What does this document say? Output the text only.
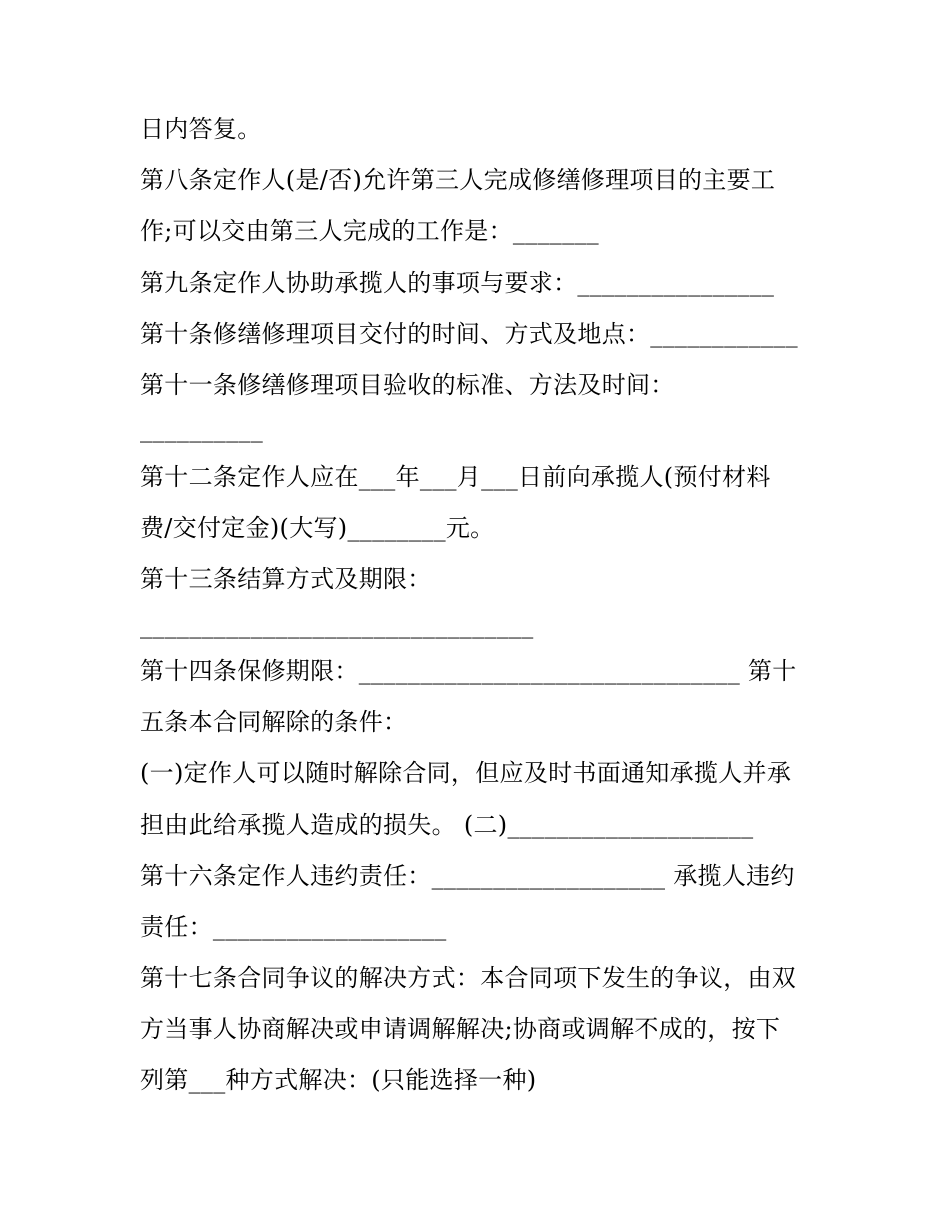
日内答复。
第八条定作人(是/否)允许第三人完成修缮修理项目的主要工
作;可以交由第三人完成的工作是：_______
第九条定作人协助承揽人的事项与要求：________________
第十条修缮修理项目交付的时间、方式及地点：____________
第十一条修缮修理项目验收的标准、方法及时间：
__________
第十二条定作人应在___年___月___日前向承揽人(预付材料
费/交付定金)(大写)________元。
第十三条结算方式及期限：
________________________________
第十四条保修期限：_______________________________ 第十
五条本合同解除的条件：
(一)定作人可以随时解除合同，但应及时书面通知承揽人并承
担由此给承揽人造成的损失。 (二)____________________
第十六条定作人违约责任：___________________ 承揽人违约
责任：___________________
第十七条合同争议的解决方式：本合同项下发生的争议，由双
方当事人协商解决或申请调解解决;协商或调解不成的，按下
列第___种方式解决：(只能选择一种)
